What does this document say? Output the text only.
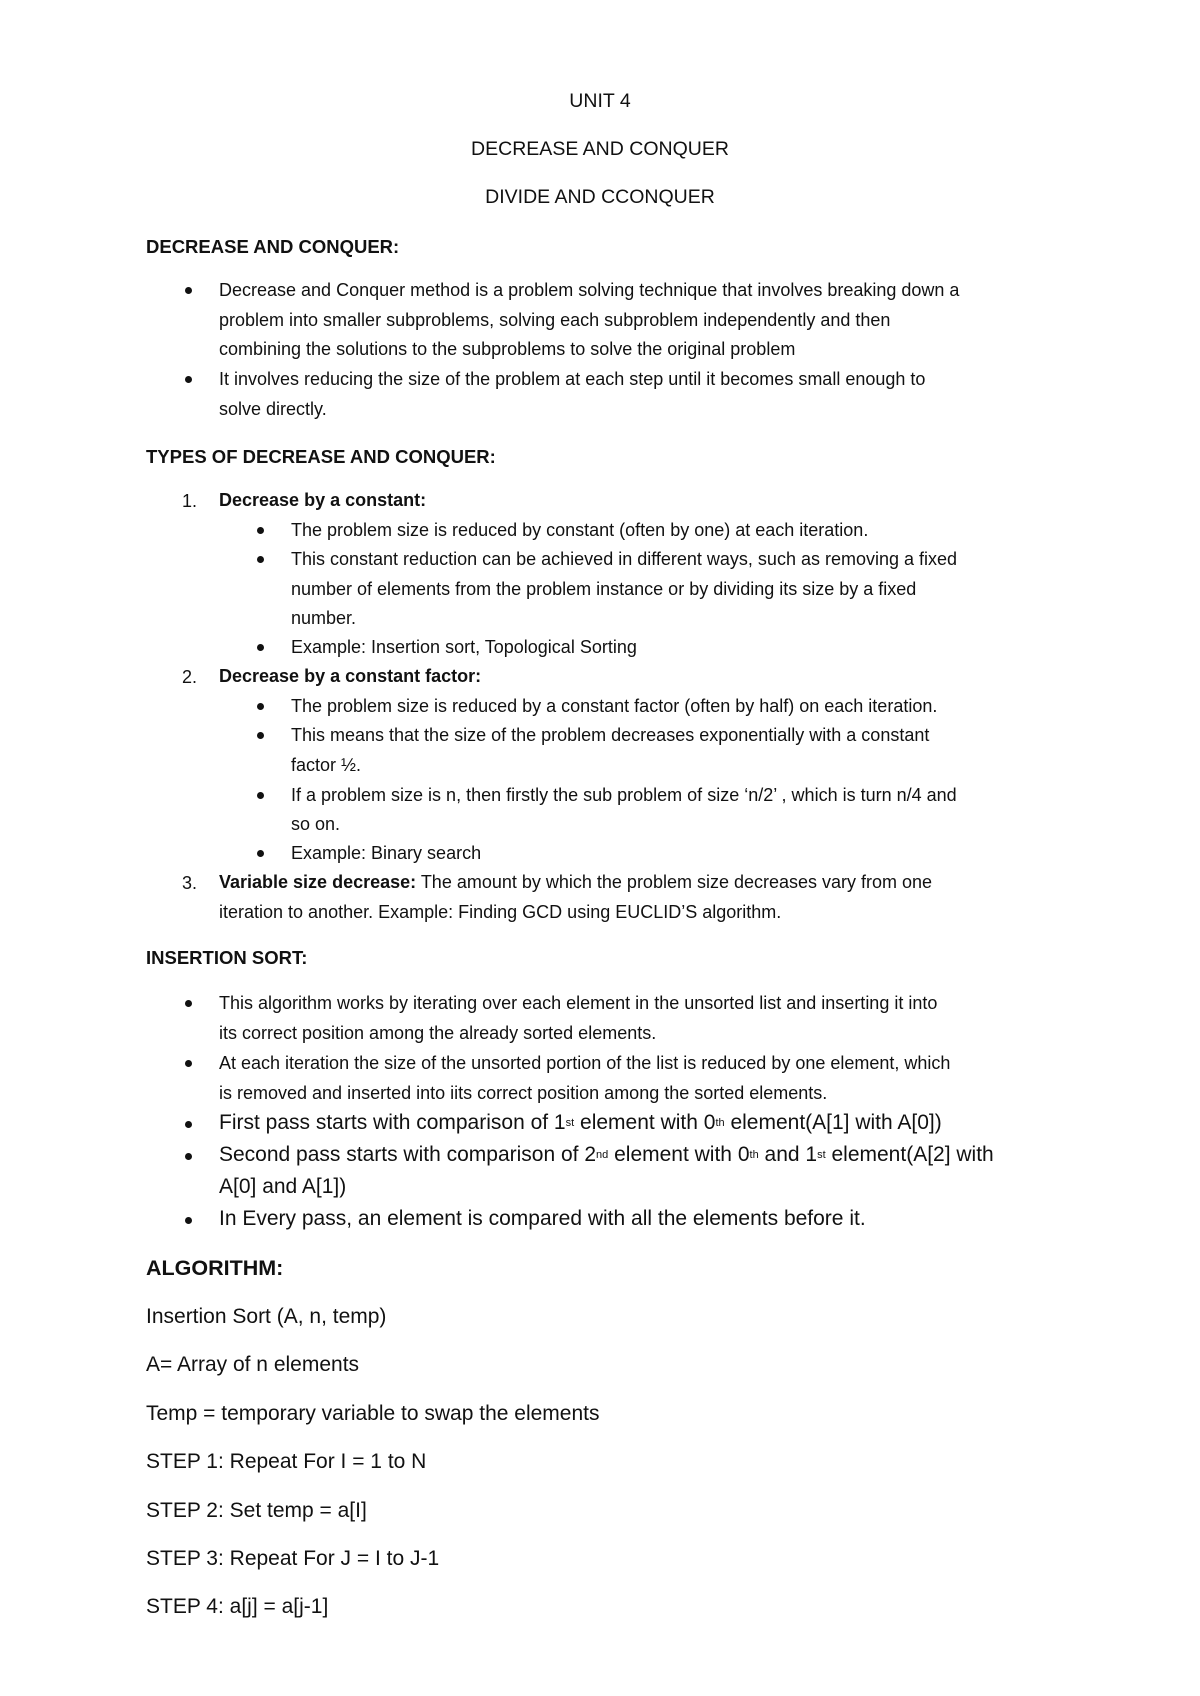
UNIT 4
DECREASE AND CONQUER
DIVIDE AND CCONQUER
DECREASE AND CONQUER:
Decrease and Conquer method is a problem solving technique that involves breaking down a
problem into smaller subproblems, solving each subproblem independently and then
combining the solutions to the subproblems to solve the original problem
It involves reducing the size of the problem at each step until it becomes small enough to
solve directly.
TYPES OF DECREASE AND CONQUER:
1. Decrease by a constant:
The problem size is reduced by constant (often by one) at each iteration.
This constant reduction can be achieved in different ways, such as removing a fixed
number of elements from the problem instance or by dividing its size by a fixed
number.
Example: Insertion sort, Topological Sorting
2. Decrease by a constant factor:
The problem size is reduced by a constant factor (often by half) on each iteration.
This means that the size of the problem decreases exponentially with a constant
factor ½.
If a problem size is n, then firstly the sub problem of size ‘n/2’ , which is turn n/4 and
so on.
Example: Binary search
3. Variable size decrease: The amount by which the problem size decreases vary from one
iteration to another. Example: Finding GCD using EUCLID’S algorithm.
INSERTION SORT:
This algorithm works by iterating over each element in the unsorted list and inserting it into
its correct position among the already sorted elements.
At each iteration the size of the unsorted portion of the list is reduced by one element, which
is removed and inserted into iits correct position among the sorted elements.
First pass starts with comparison of 1st element with 0th element(A[1] with A[0])
Second pass starts with comparison of 2nd element with 0th and 1st element(A[2] with
A[0] and A[1])
In Every pass, an element is compared with all the elements before it.
ALGORITHM:
Insertion Sort (A, n, temp)
A= Array of n elements
Temp = temporary variable to swap the elements
STEP 1: Repeat For I = 1 to N
STEP 2: Set temp = a[I]
STEP 3: Repeat For J = I to J-1
STEP 4: a[j] = a[j-1]
